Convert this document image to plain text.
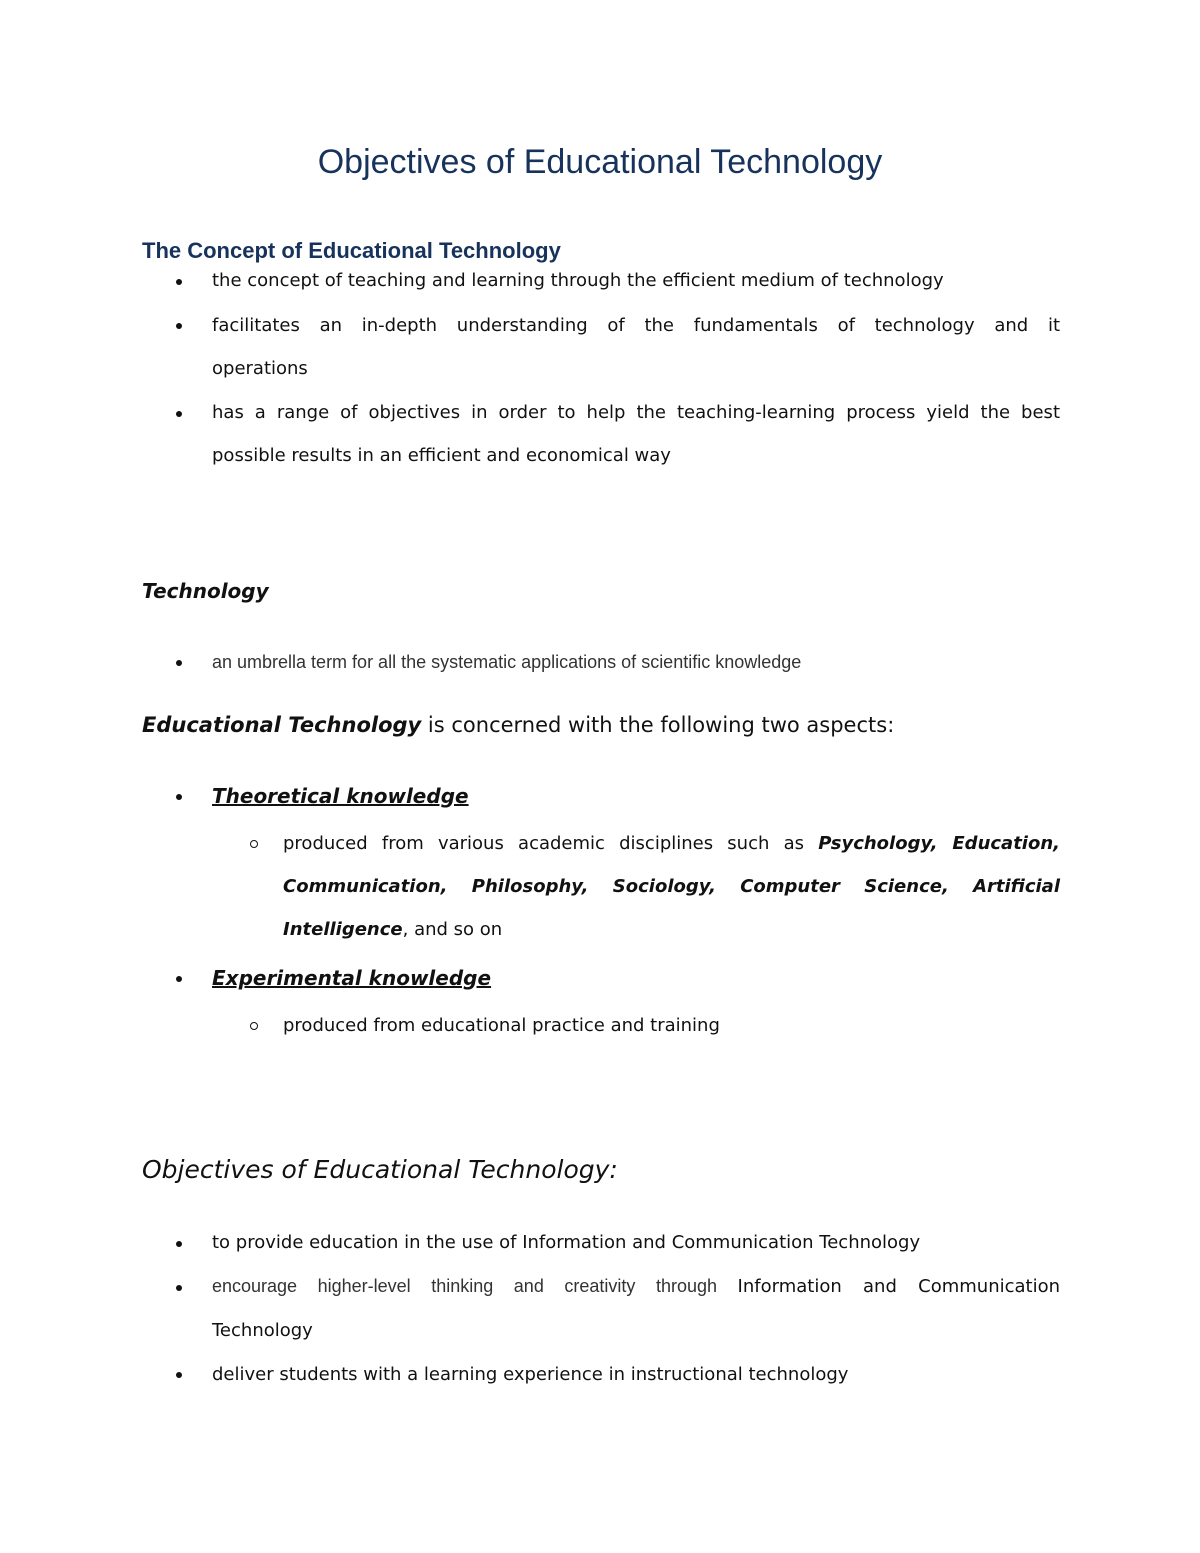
Objectives of Educational Technology
The Concept of Educational Technology
the concept of teaching and learning through the efficient medium of technology
facilitates an in-depth understanding of the fundamentals of technology and it
operations
has a range of objectives in order to help the teaching-learning process yield the best
possible results in an efficient and economical way
Technology
an umbrella term for all the systematic applications of scientific knowledge
Educational Technology is concerned with the following two aspects:
Theoretical knowledge
produced from various academic disciplines such as Psychology, Education,
Communication, Philosophy, Sociology, Computer Science, Artificial
Intelligence, and so on
Experimental knowledge
produced from educational practice and training
Objectives of Educational Technology:
to provide education in the use of Information and Communication Technology
encourage higher-level thinking and creativity through Information and Communication
Technology
deliver students with a learning experience in instructional technology
